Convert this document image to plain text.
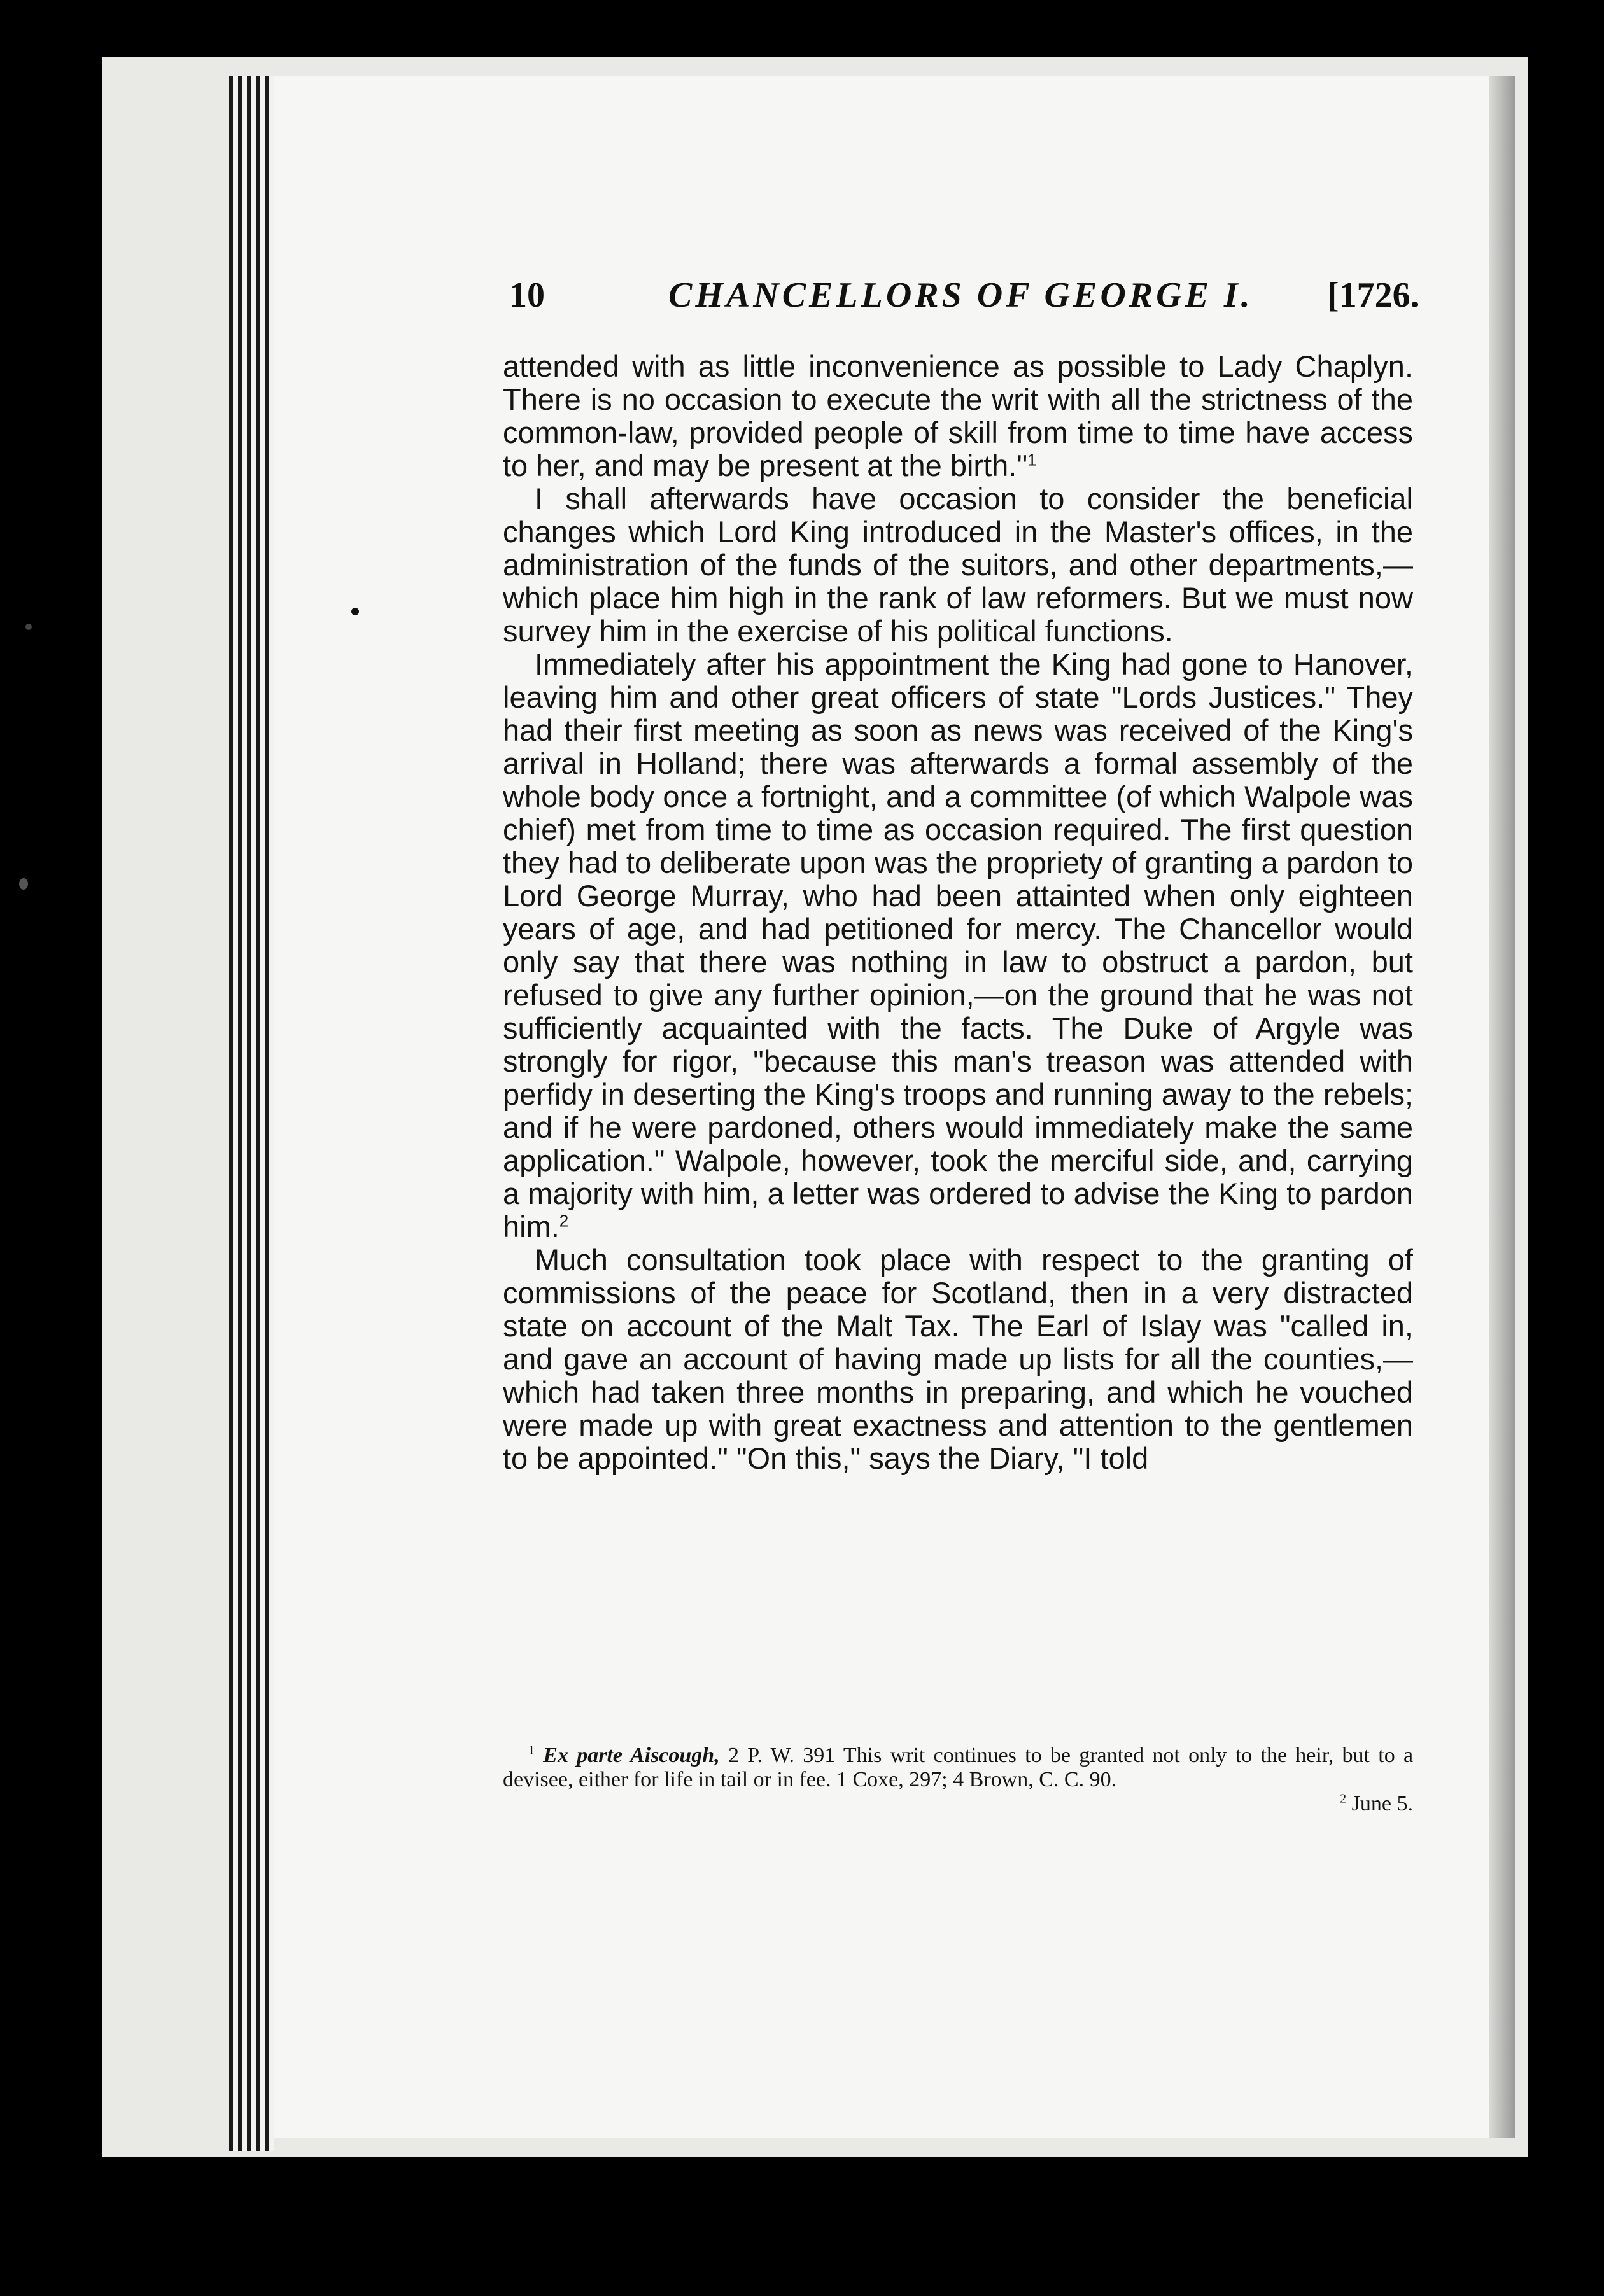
10	CHANCELLORS OF GEORGE I. [1726.

attended with as little inconvenience as possible to Lady Chaplyn. There is no occasion to execute the writ with all the strictness of the common-law, provided people of skill from time to time have access to her, and may be present at the birth."$^1$

I shall afterwards have occasion to consider the beneficial changes which Lord King introduced in the Master's offices, in the administration of the funds of the suitors, and other departments,—which place him high in the rank of law reformers. But we must now survey him in the exercise of his political functions.

Immediately after his appointment the King had gone to Hanover, leaving him and other great officers of state "Lords Justices." They had their first meeting as soon as news was received of the King's arrival in Holland; there was afterwards a formal assembly of the whole body once a fortnight, and a committee (of which Walpole was chief) met from time to time as occasion required. The first question they had to deliberate upon was the propriety of granting a pardon to Lord George Murray, who had been attainted when only eighteen years of age, and had petitioned for mercy. The Chancellor would only say that there was nothing in law to obstruct a pardon, but refused to give any further opinion,—on the ground that he was not sufficiently acquainted with the facts. The Duke of Argyle was strongly for rigor, "because this man's treason was attended with perfidy in deserting the King's troops and running away to the rebels; and if he were pardoned, others would immediately make the same application." Walpole, however, took the merciful side, and, carrying a majority with him, a letter was ordered to advise the King to pardon him.$^2$

Much consultation took place with respect to the granting of commissions of the peace for Scotland, then in a very distracted state on account of the Malt Tax. The Earl of Islay was "called in, and gave an account of having made up lists for all the counties,—which had taken three months in preparing, and which he vouched were made up with great exactness and attention to the gentlemen to be appointed." "On this," says the Diary, "I told

$^1$ Ex parte Aiscough, 2 P. W. 391 This writ continues to be granted not only to the heir, but to a devisee, either for life in tail or in fee. 1 Coxe, 297; 4 Brown, C. C. 90.

$^2$ June 5.
